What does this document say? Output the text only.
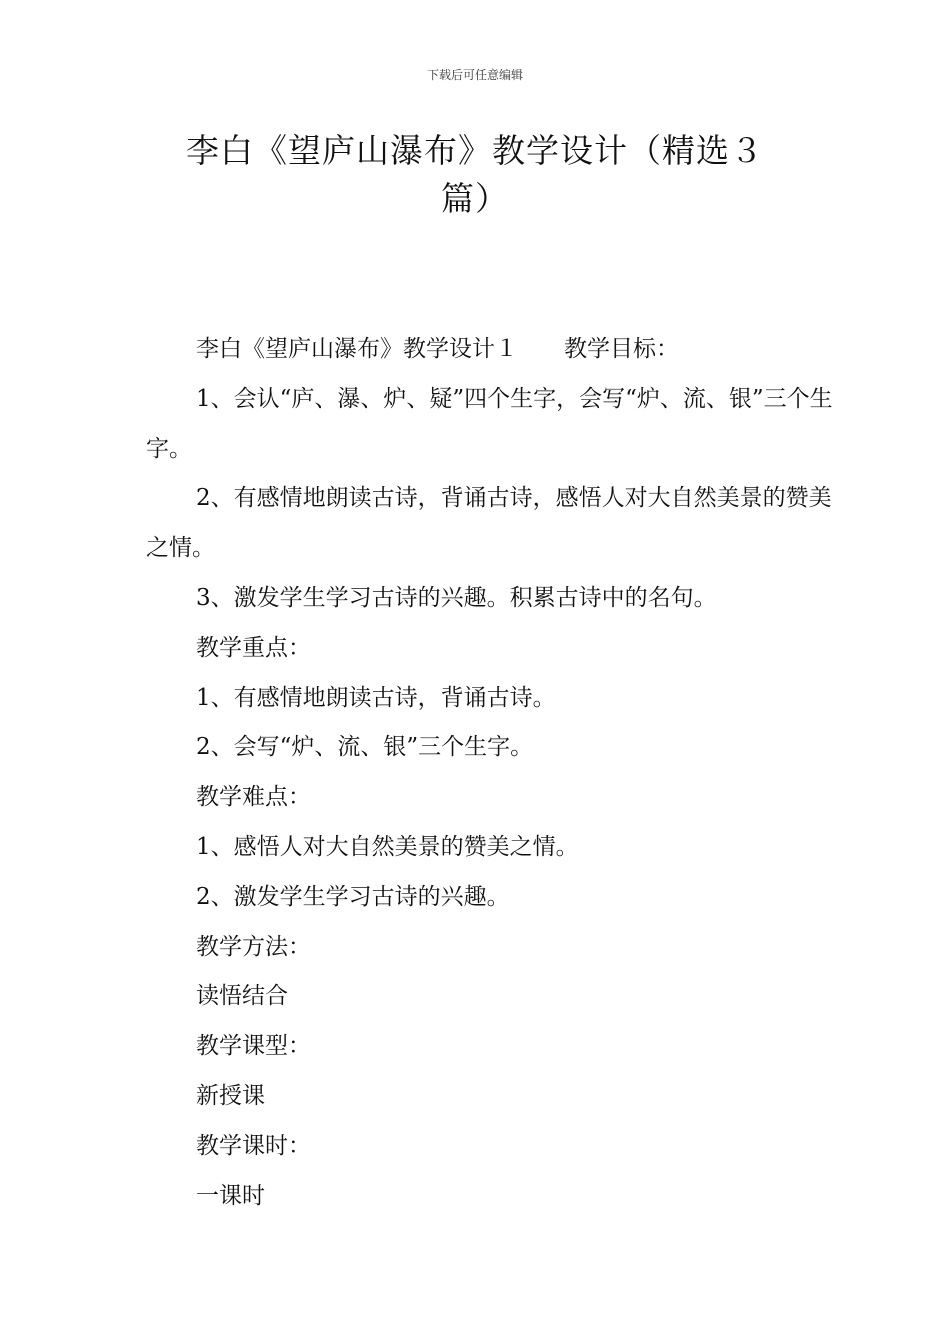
下载后可任意编辑
李白《望庐山瀑布》教学设计（精选３
篇）

李白《望庐山瀑布》教学设计１ 教学目标：

1、会认“庐、瀑、炉、疑”四个生字，会写“炉、流、银”三个生字。

2、有感情地朗读古诗，背诵古诗，感悟人对大自然美景的赞美之情。

3、激发学生学习古诗的兴趣。积累古诗中的名句。

教学重点：

1、有感情地朗读古诗，背诵古诗。

2、会写“炉、流、银”三个生字。

教学难点：

1、感悟人对大自然美景的赞美之情。

2、激发学生学习古诗的兴趣。

教学方法：

读悟结合

教学课型：

新授课

教学课时：

一课时
